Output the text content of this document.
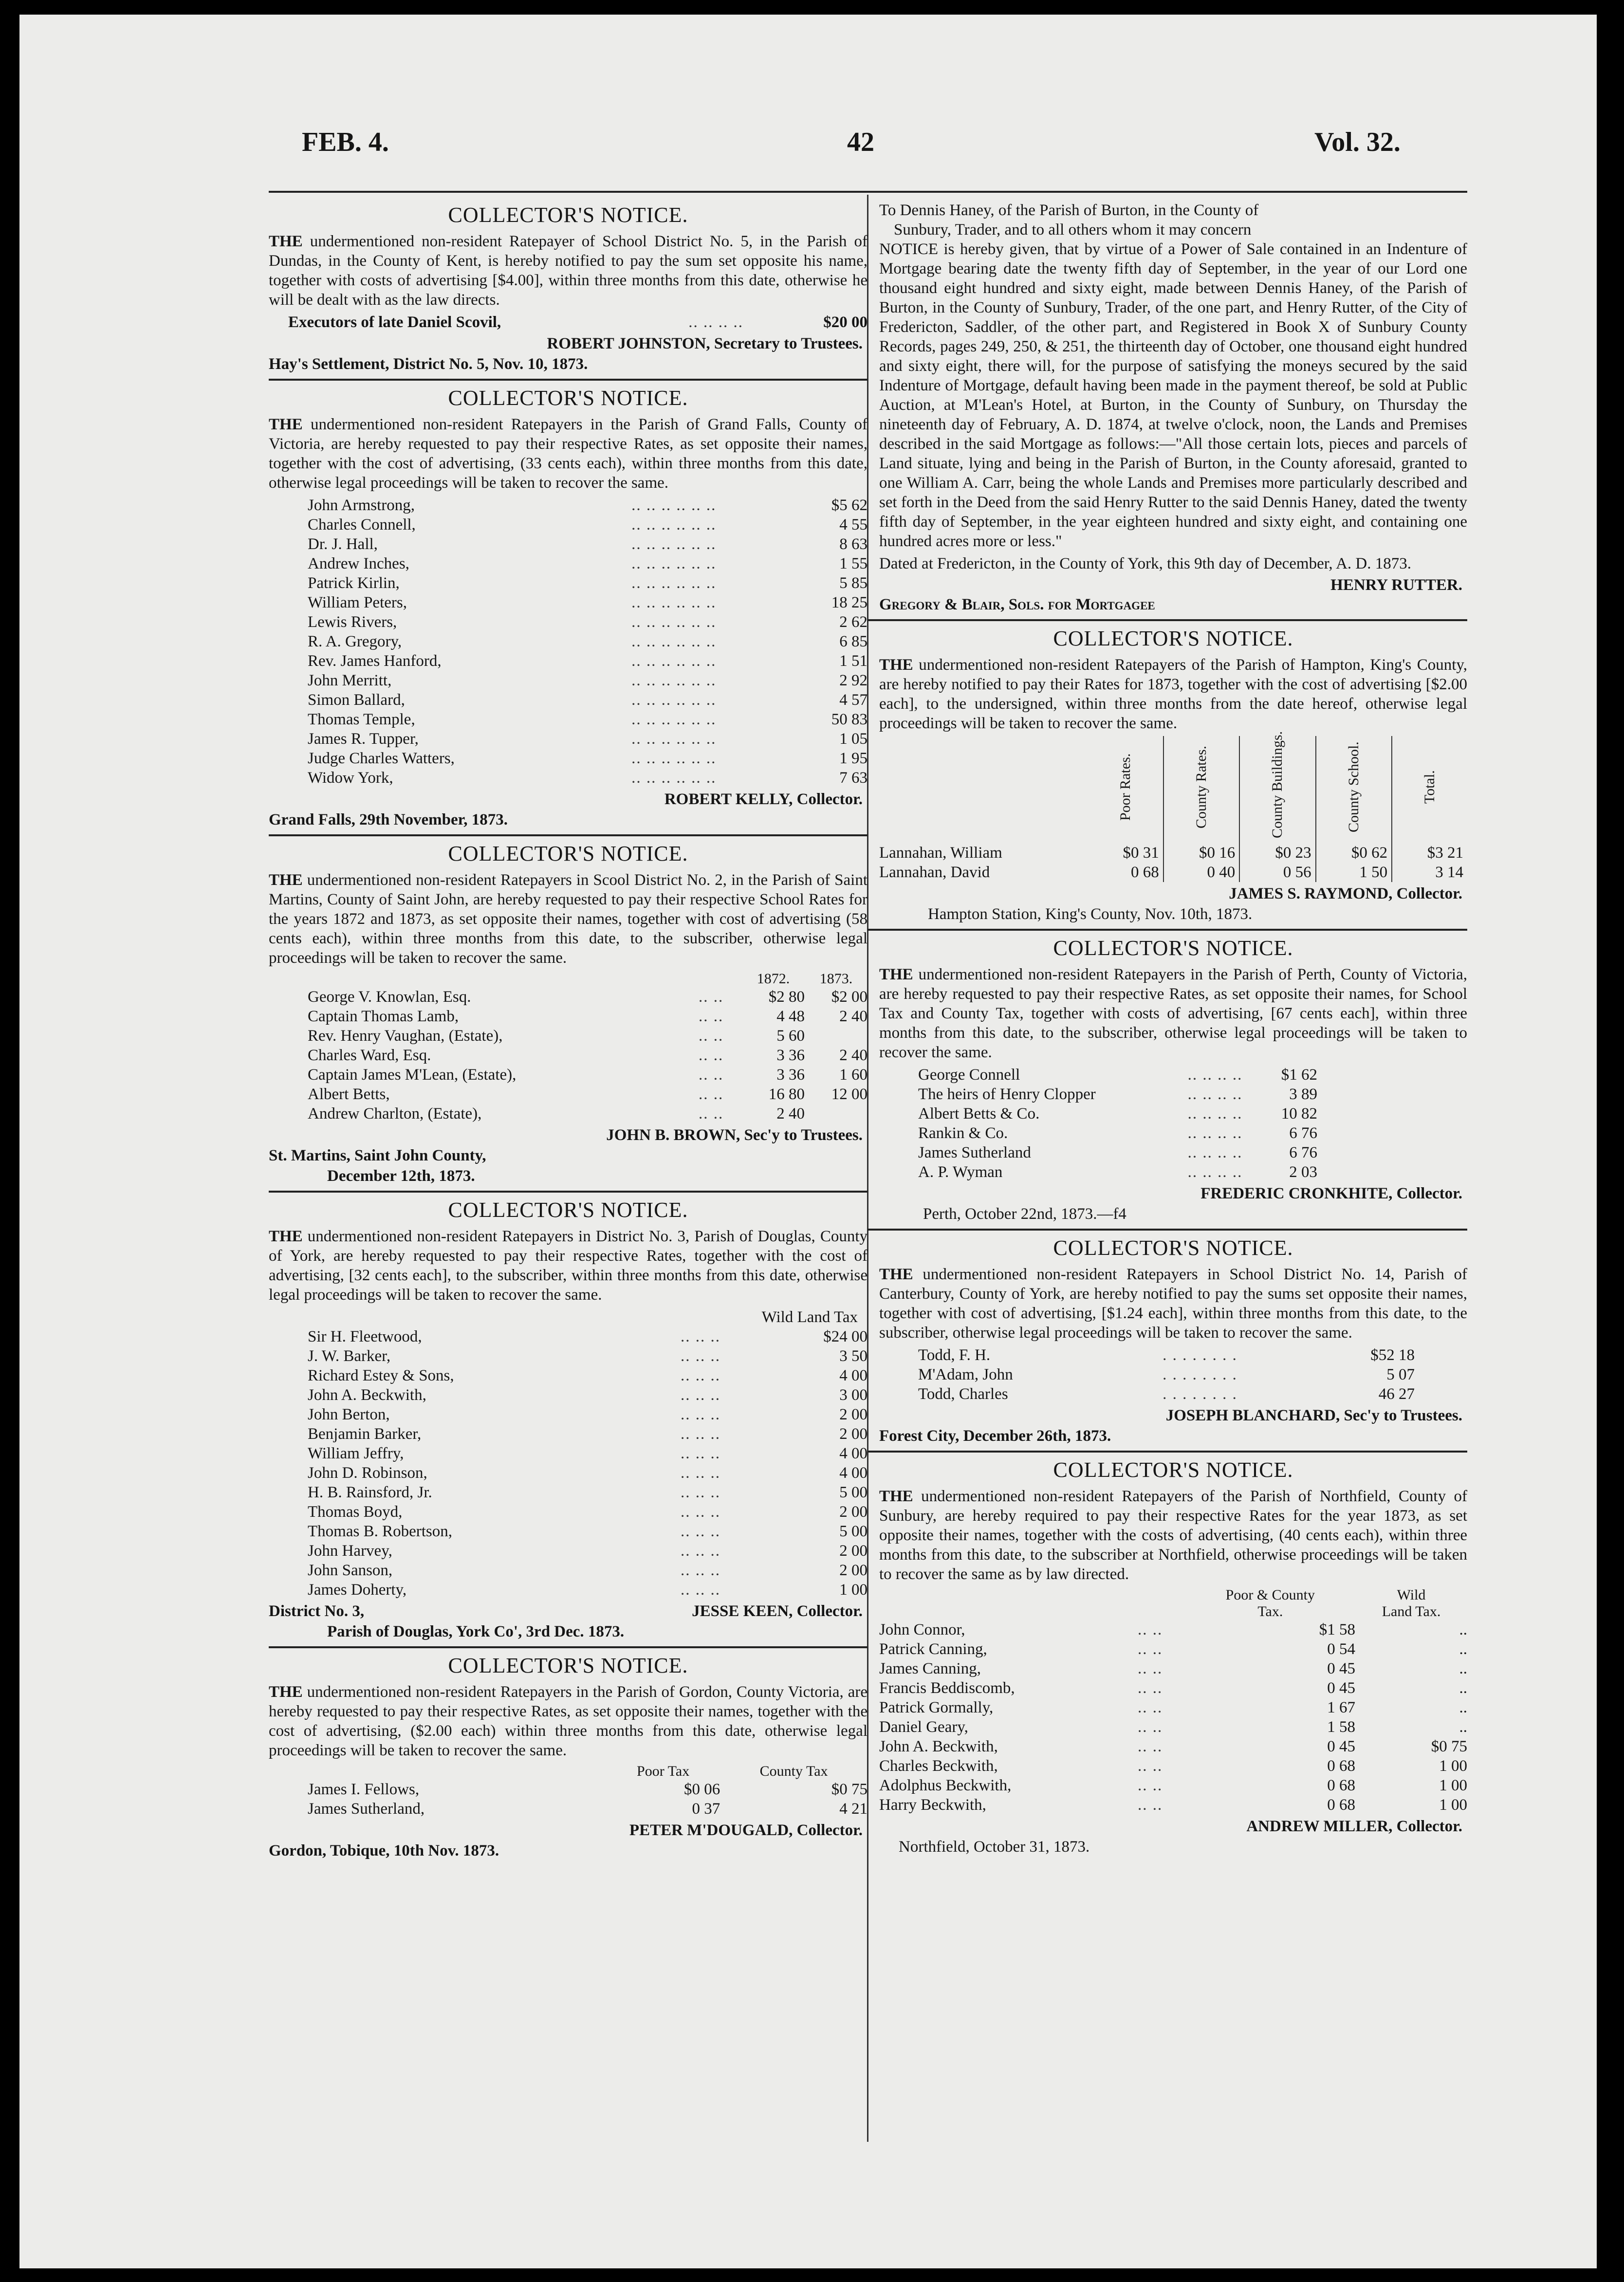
FEB. 4.	42	Vol. 32.
COLLECTOR'S NOTICE.

THE undermentioned non-resident Ratepayer of School District No. 5, in the Parish of Dundas, in the County of Kent, is hereby notified to pay the sum set opposite his name, together with costs of advertising [$4.00], within three months from this date, otherwise he will be dealt with as the law directs.

Executors of late Daniel Scovil,	.. .. .. ..	$20 00
ROBERT JOHNSTON, Secretary to Trustees.
Hay's Settlement, District No. 5, Nov. 10, 1873.
COLLECTOR'S NOTICE.

THE undermentioned non-resident Ratepayers in the Parish of Grand Falls, County of Victoria, are hereby requested to pay their respective Rates, as set opposite their names, together with the cost of advertising, (33 cents each), within three months from this date, otherwise legal proceedings will be taken to recover the same.

John Armstrong,	.. .. .. .. .. ..	$5 62
Charles Connell,	.. .. .. .. .. ..	4 55
Dr. J. Hall,	.. .. .. .. .. ..	8 63
Andrew Inches,	.. .. .. .. .. ..	1 55
Patrick Kirlin,	.. .. .. .. .. ..	5 85
William Peters,	.. .. .. .. .. ..	18 25
Lewis Rivers,	.. .. .. .. .. ..	2 62
R. A. Gregory,	.. .. .. .. .. ..	6 85
Rev. James Hanford,	.. .. .. .. .. ..	1 51
John Merritt,	.. .. .. .. .. ..	2 92
Simon Ballard,	.. .. .. .. .. ..	4 57
Thomas Temple,	.. .. .. .. .. ..	50 83
James R. Tupper,	.. .. .. .. .. ..	1 05
Judge Charles Watters,	.. .. .. .. .. ..	1 95
Widow York,	.. .. .. .. .. ..	7 63
ROBERT KELLY, Collector.
Grand Falls, 29th November, 1873.
COLLECTOR'S NOTICE.

THE undermentioned non-resident Ratepayers in Scool District No. 2, in the Parish of Saint Martins, County of Saint John, are hereby requested to pay their respective School Rates for the years 1872 and 1873, as set opposite their names, together with cost of advertising (58 cents each), within three months from this date, to the subscriber, otherwise legal proceedings will be taken to recover the same.

		1872.	1873.
George V. Knowlan, Esq.	.. ..	$2 80	$2 00
Captain Thomas Lamb,	.. ..	4 48	2 40
Rev. Henry Vaughan, (Estate),	.. ..	5 60	
Charles Ward, Esq.	.. ..	3 36	2 40
Captain James M'Lean, (Estate),	.. ..	3 36	1 60
Albert Betts,	.. ..	16 80	12 00
Andrew Charlton, (Estate),	.. ..	2 40	
JOHN B. BROWN, Sec'y to Trustees.
St. Martins, Saint John County,
December 12th, 1873.
COLLECTOR'S NOTICE.

THE undermentioned non-resident Ratepayers in District No. 3, Parish of Douglas, County of York, are hereby requested to pay their respective Rates, together with the cost of advertising, [32 cents each], to the subscriber, within three months from this date, otherwise legal proceedings will be taken to recover the same.

Wild Land Tax
Sir H. Fleetwood,	.. .. ..	$24 00
J. W. Barker,	.. .. ..	3 50
Richard Estey & Sons,	.. .. ..	4 00
John A. Beckwith,	.. .. ..	3 00
John Berton,	.. .. ..	2 00
Benjamin Barker,	.. .. ..	2 00
William Jeffry,	.. .. ..	4 00
John D. Robinson,	.. .. ..	4 00
H. B. Rainsford, Jr.	.. .. ..	5 00
Thomas Boyd,	.. .. ..	2 00
Thomas B. Robertson,	.. .. ..	5 00
John Harvey,	.. .. ..	2 00
John Sanson,	.. .. ..	2 00
James Doherty,	.. .. ..	1 00
District No. 3,	JESSE KEEN, Collector.
Parish of Douglas, York Co', 3rd Dec. 1873.
COLLECTOR'S NOTICE.

THE undermentioned non-resident Ratepayers in the Parish of Gordon, County Victoria, are hereby requested to pay their respective Rates, as set opposite their names, together with the cost of advertising, ($2.00 each) within three months from this date, otherwise legal proceedings will be taken to recover the same.

	Poor Tax	County Tax
James I. Fellows,	$0 06	$0 75
James Sutherland,	0 37	4 21
PETER M'DOUGALD, Collector.
Gordon, Tobique, 10th Nov. 1873.
To Dennis Haney, of the Parish of Burton, in the County of
Sunbury, Trader, and to all others whom it may concern

NOTICE is hereby given, that by virtue of a Power of Sale contained in an Indenture of Mortgage bearing date the twenty fifth day of September, in the year of our Lord one thousand eight hundred and sixty eight, made between Dennis Haney, of the Parish of Burton, in the County of Sunbury, Trader, of the one part, and Henry Rutter, of the City of Fredericton, Saddler, of the other part, and Registered in Book X of Sunbury County Records, pages 249, 250, & 251, the thirteenth day of October, one thousand eight hundred and sixty eight, there will, for the purpose of satisfying the moneys secured by the said Indenture of Mortgage, default having been made in the payment thereof, be sold at Public Auction, at M'Lean's Hotel, at Burton, in the County of Sunbury, on Thursday the nineteenth day of February, A. D. 1874, at twelve o'clock, noon, the Lands and Premises described in the said Mortgage as follows:—"All those certain lots, pieces and parcels of Land situate, lying and being in the Parish of Burton, in the County aforesaid, granted to one William A. Carr, being the whole Lands and Premises more particularly described and set forth in the Deed from the said Henry Rutter to the said Dennis Haney, dated the twenty fifth day of September, in the year eighteen hundred and sixty eight, and containing one hundred acres more or less."

Dated at Fredericton, in the County of York, this 9th day of December, A. D. 1873.

HENRY RUTTER.
Gregory & Blair, Sols. for Mortgagee
COLLECTOR'S NOTICE.

THE undermentioned non-resident Ratepayers of the Parish of Hampton, King's County, are hereby notified to pay their Rates for 1873, together with the cost of advertising [$2.00 each], to the undersigned, within three months from the date hereof, otherwise legal proceedings will be taken to recover the same.

	Poor Rates.	County Rates.	County Buildings.	County School.	Total.
Lannahan, William	$0 31	$0 16	$0 23	$0 62	$3 21
Lannahan, David	0 68	0 40	0 56	1 50	3 14
JAMES S. RAYMOND, Collector.
Hampton Station, King's County, Nov. 10th, 1873.
COLLECTOR'S NOTICE.

THE undermentioned non-resident Ratepayers in the Parish of Perth, County of Victoria, are hereby requested to pay their respective Rates, as set opposite their names, for School Tax and County Tax, together with costs of advertising, [67 cents each], within three months from this date, to the subscriber, otherwise legal proceedings will be taken to recover the same.

George Connell	.. .. .. ..	$1 62
The heirs of Henry Clopper	.. .. .. ..	3 89
Albert Betts & Co.	.. .. .. ..	10 82
Rankin & Co.	.. .. .. ..	6 76
James Sutherland	.. .. .. ..	6 76
A. P. Wyman	.. .. .. ..	2 03
FREDERIC CRONKHITE, Collector.
Perth, October 22nd, 1873.—f4
COLLECTOR'S NOTICE.

THE undermentioned non-resident Ratepayers in School District No. 14, Parish of Canterbury, County of York, are hereby notified to pay the sums set opposite their names, together with cost of advertising, [$1.24 each], within three months from this date, to the subscriber, otherwise legal proceedings will be taken to recover the same.

Todd, F. H.	. . . . . . . .	$52 18
M'Adam, John	. . . . . . . .	5 07
Todd, Charles	. . . . . . . .	46 27
JOSEPH BLANCHARD, Sec'y to Trustees.
Forest City, December 26th, 1873.
COLLECTOR'S NOTICE.

THE undermentioned non-resident Ratepayers of the Parish of Northfield, County of Sunbury, are hereby required to pay their respective Rates for the year 1873, as set opposite their names, together with the costs of advertising, (40 cents each), within three months from this date, to the subscriber at Northfield, otherwise proceedings will be taken to recover the same as by law directed.

		Poor & County	Wild
		Tax.	Land Tax.
John Connor,	.. ..	$1 58	..
Patrick Canning,	.. ..	0 54	..
James Canning,	.. ..	0 45	..
Francis Beddiscomb,	.. ..	0 45	..
Patrick Gormally,	.. ..	1 67	..
Daniel Geary,	.. ..	1 58	..
John A. Beckwith,	.. ..	0 45	$0 75
Charles Beckwith,	.. ..	0 68	1 00
Adolphus Beckwith,	.. ..	0 68	1 00
Harry Beckwith,	.. ..	0 68	1 00
ANDREW MILLER, Collector.
Northfield, October 31, 1873.
